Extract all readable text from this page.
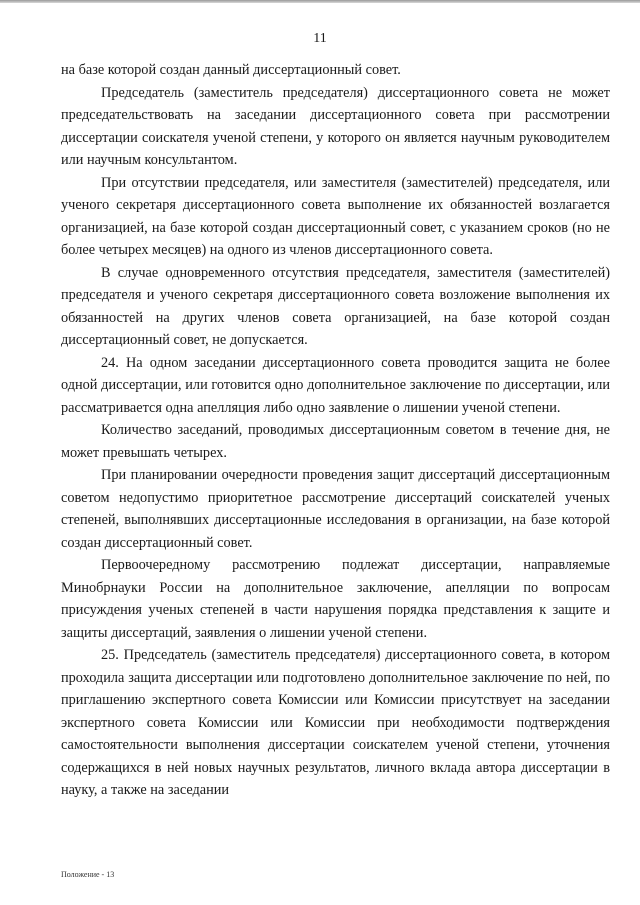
11

на базе которой создан данный диссертационный совет.

Председатель (заместитель председателя) диссертационного совета не может председательствовать на заседании диссертационного совета при рассмотрении диссертации соискателя ученой степени, у которого он является научным руководителем или научным консультантом.

При отсутствии председателя, или заместителя (заместителей) председателя, или ученого секретаря диссертационного совета выполнение их обязанностей возлагается организацией, на базе которой создан диссертационный совет, с указанием сроков (но не более четырех месяцев) на одного из членов диссертационного совета.

В случае одновременного отсутствия председателя, заместителя (заместителей) председателя и ученого секретаря диссертационного совета возложение выполнения их обязанностей на других членов совета организацией, на базе которой создан диссертационный совет, не допускается.

24. На одном заседании диссертационного совета проводится защита не более одной диссертации, или готовится одно дополнительное заключение по диссертации, или рассматривается одна апелляция либо одно заявление о лишении ученой степени.

Количество заседаний, проводимых диссертационным советом в течение дня, не может превышать четырех.

При планировании очередности проведения защит диссертаций диссертационным советом недопустимо приоритетное рассмотрение диссертаций соискателей ученых степеней, выполнявших диссертационные исследования в организации, на базе которой создан диссертационный совет.

Первоочередному рассмотрению подлежат диссертации, направляемые Минобрнауки России на дополнительное заключение, апелляции по вопросам присуждения ученых степеней в части нарушения порядка представления к защите и защиты диссертаций, заявления о лишении ученой степени.

25. Председатель (заместитель председателя) диссертационного совета, в котором проходила защита диссертации или подготовлено дополнительное заключение по ней, по приглашению экспертного совета Комиссии или Комиссии присутствует на заседании экспертного совета Комиссии или Комиссии при необходимости подтверждения самостоятельности выполнения диссертации соискателем ученой степени, уточнения содержащихся в ней новых научных результатов, личного вклада автора диссертации в науку, а также на заседании

Положение - 13
